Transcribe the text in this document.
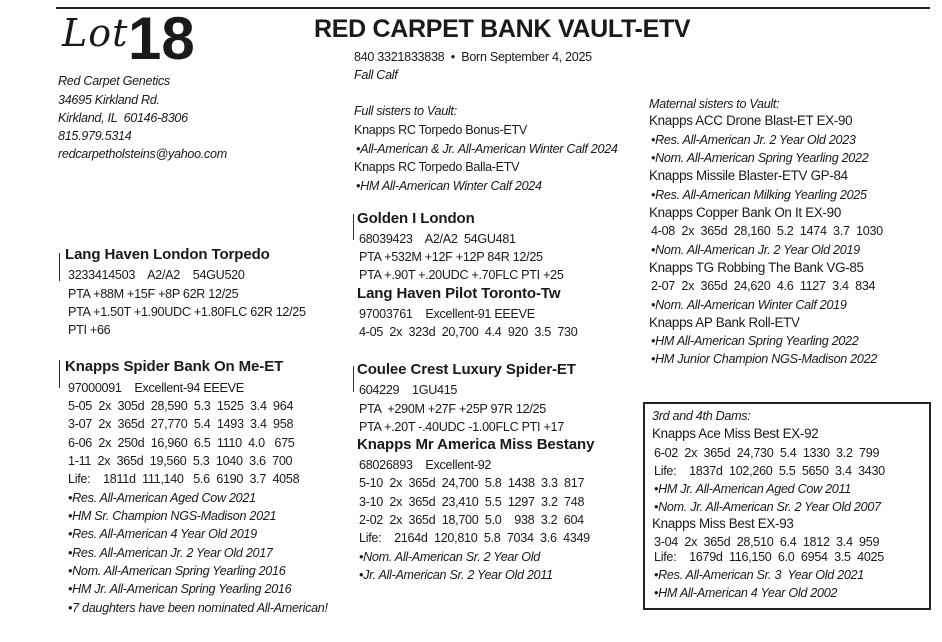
Lot 18	RED CARPET BANK VAULT-ETV
840 3321833838  •  Born September 4, 2025
Fall Calf
Red Carpet Genetics
34695 Kirkland Rd.
Kirkland, IL  60146-8306
815.979.5314
redcarpetholsteins@yahoo.com
Full sisters to Vault:
Knapps RC Torpedo Bonus-ETV
•All-American & Jr. All-American Winter Calf 2024
Knapps RC Torpedo Balla-ETV
•HM All-American Winter Calf 2024
Lang Haven London Torpedo
3233414503    A2/A2    54GU520
PTA +88M +15F +8P 62R 12/25
PTA +1.50T +1.90UDC +1.80FLC 62R 12/25
PTI +66
Knapps Spider Bank On Me-ET
97000091    Excellent-94 EEEVE
5-05  2x  305d  28,590  5.3  1525  3.4  964
3-07  2x  365d  27,770  5.4  1493  3.4  958
6-06  2x  250d  16,960  6.5  1110  4.0   675
1-11  2x  365d  19,560  5.3  1040  3.6  700
Life:    1811d  111,140   5.6  6190  3.7  4058
•Res. All-American Aged Cow 2021
•HM Sr. Champion NGS-Madison 2021
•Res. All-American 4 Year Old 2019
•Res. All-American Jr. 2 Year Old 2017
•Nom. All-American Spring Yearling 2016
•HM Jr. All-American Spring Yearling 2016
•7 daughters have been nominated All-American!
Golden I London
68039423    A2/A2  54GU481
PTA +532M +12F +12P 84R 12/25
PTA +.90T +.20UDC +.70FLC PTI +25
Lang Haven Pilot Toronto-Tw
97003761    Excellent-91 EEEVE
4-05  2x  323d  20,700  4.4  920  3.5  730
Coulee Crest Luxury Spider-ET
604229    1GU415
PTA  +290M +27F +25P 97R 12/25
PTA +.20T -.40UDC -1.00FLC PTI +17
Knapps Mr America Miss Bestany
68026893    Excellent-92
5-10  2x  365d  24,700  5.8  1438  3.3  817
3-10  2x  365d  23,410  5.5  1297  3.2  748
2-02  2x  365d  18,700  5.0    938  3.2  604
Life:    2164d  120,810  5.8  7034  3.6  4349
•Nom. All-American Sr. 2 Year Old
•Jr. All-American Sr. 2 Year Old 2011
Maternal sisters to Vault:
Knapps ACC Drone Blast-ET EX-90
•Res. All-American Jr. 2 Year Old 2023
•Nom. All-American Spring Yearling 2022
Knapps Missile Blaster-ETV GP-84
•Res. All-American Milking Yearling 2025
Knapps Copper Bank On It EX-90
4-08  2x  365d  28,160  5.2  1474  3.7  1030
•Nom. All-American Jr. 2 Year Old 2019
Knapps TG Robbing The Bank VG-85
2-07  2x  365d  24,620  4.6  1127  3.4  834
•Nom. All-American Winter Calf 2019
Knapps AP Bank Roll-ETV
•HM All-American Spring Yearling 2022
•HM Junior Champion NGS-Madison 2022
3rd and 4th Dams:
Knapps Ace Miss Best EX-92
6-02  2x  365d  24,730  5.4  1330  3.2  799
Life:    1837d  102,260  5.5  5650  3.4  3430
•HM Jr. All-American Aged Cow 2011
•Nom. Jr. All-American Sr. 2 Year Old 2007
Knapps Miss Best EX-93
3-04  2x  365d  28,510  6.4  1812  3.4  959
Life:    1679d  116,150  6.0  6954  3.5  4025
•Res. All-American Sr. 3  Year Old 2021
•HM All-American 4 Year Old 2002
